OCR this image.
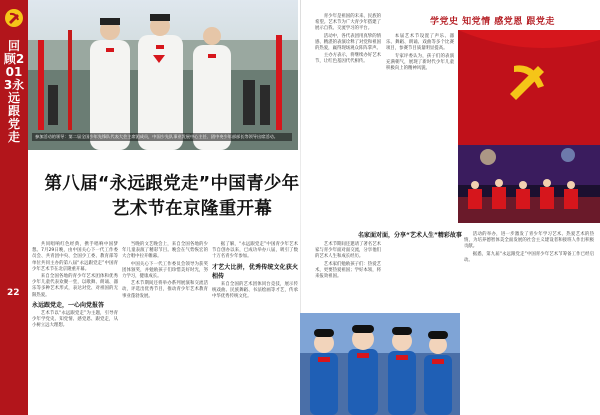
回顾2013永远跟党走
22
参加活动的领导：第二届全国少年先锋队代表大会主席团成员，中国少先队事业发展中心主任、团中央少年部部长等领导出席活动。
第八届“永远跟党走”中国青少年
艺术节在京隆重开幕

共同唱响红色经典，携手唱响中国梦想。7月29日晚，由中国关心下一代工作委员会、共青团中央、全国少工委、教育部等单位共同主办的第八届“永远跟党走”中国青少年艺术节在北京隆重开幕。

来自全国各地的青少年艺术团体和优秀少年儿童代表欢聚一堂，以歌舞、朗诵、器乐等多种艺术形式，表达对党、对祖国的无限热爱。

永远跟党走，一心向党报答

艺术节以“永远跟党走”为主题，引导青少年学党史、知党情、感党恩、跟党走，从小树立远大理想。

当晚的文艺晚会上，来自全国各地的少年儿童表演了精彩节目。晚会在气势恢宏的大合唱中拉开帷幕。

中国关心下一代工作委员会领导为获奖团体颁奖，并勉励孩子们珍惜美好时光，努力学习，健康成长。

艺术节期间还将举办系列展演和交流活动，评选出优秀节目，推动青少年艺术教育事业蓬勃发展。

据了解，“永远跟党走”中国青少年艺术节自创办以来，已成功举办八届，吸引了数十万名青少年参加。

才艺大比拼，优秀传统文化获火相传

来自全国的艺术团体同台竞技，展示传统戏曲、民族舞蹈、书法绘画等才艺，传承中华优秀传统文化。

学党史 知党情 感党恩 跟党走

青少年是祖国的未来、民族的希望。艺术节为广大青少年搭建了展示自我、交流学习的平台。

活动中，各代表团用真挚的情感、精湛的表演诠释了对党和祖国的热爱，赢得现场观众阵阵掌声。

主办方表示，将继续办好艺术节，让红色基因代代相传。

本届艺术节设置了声乐、器乐、舞蹈、朗诵、戏曲等多个比赛项目，参赛节目质量明显提高。

专家评委认为，孩子们的表演充满朝气，展现了新时代少年儿童积极向上的精神风貌。

名家面对面，分享“艺术人生”精彩故事

艺术节期间还邀请了著名艺术家与青少年面对面交流，分享他们的艺术人生和成长经历。

艺术家们勉励孩子们：热爱艺术，更要热爱祖国；学好本领，将来报效祖国。

活动的举办，进一步激发了青少年学习艺术、热爱艺术的热情，为培养德智体美全面发展的社会主义建设者和接班人作出积极贡献。

据悉，第九届“永远跟党走”中国青少年艺术节筹备工作已经启动。
